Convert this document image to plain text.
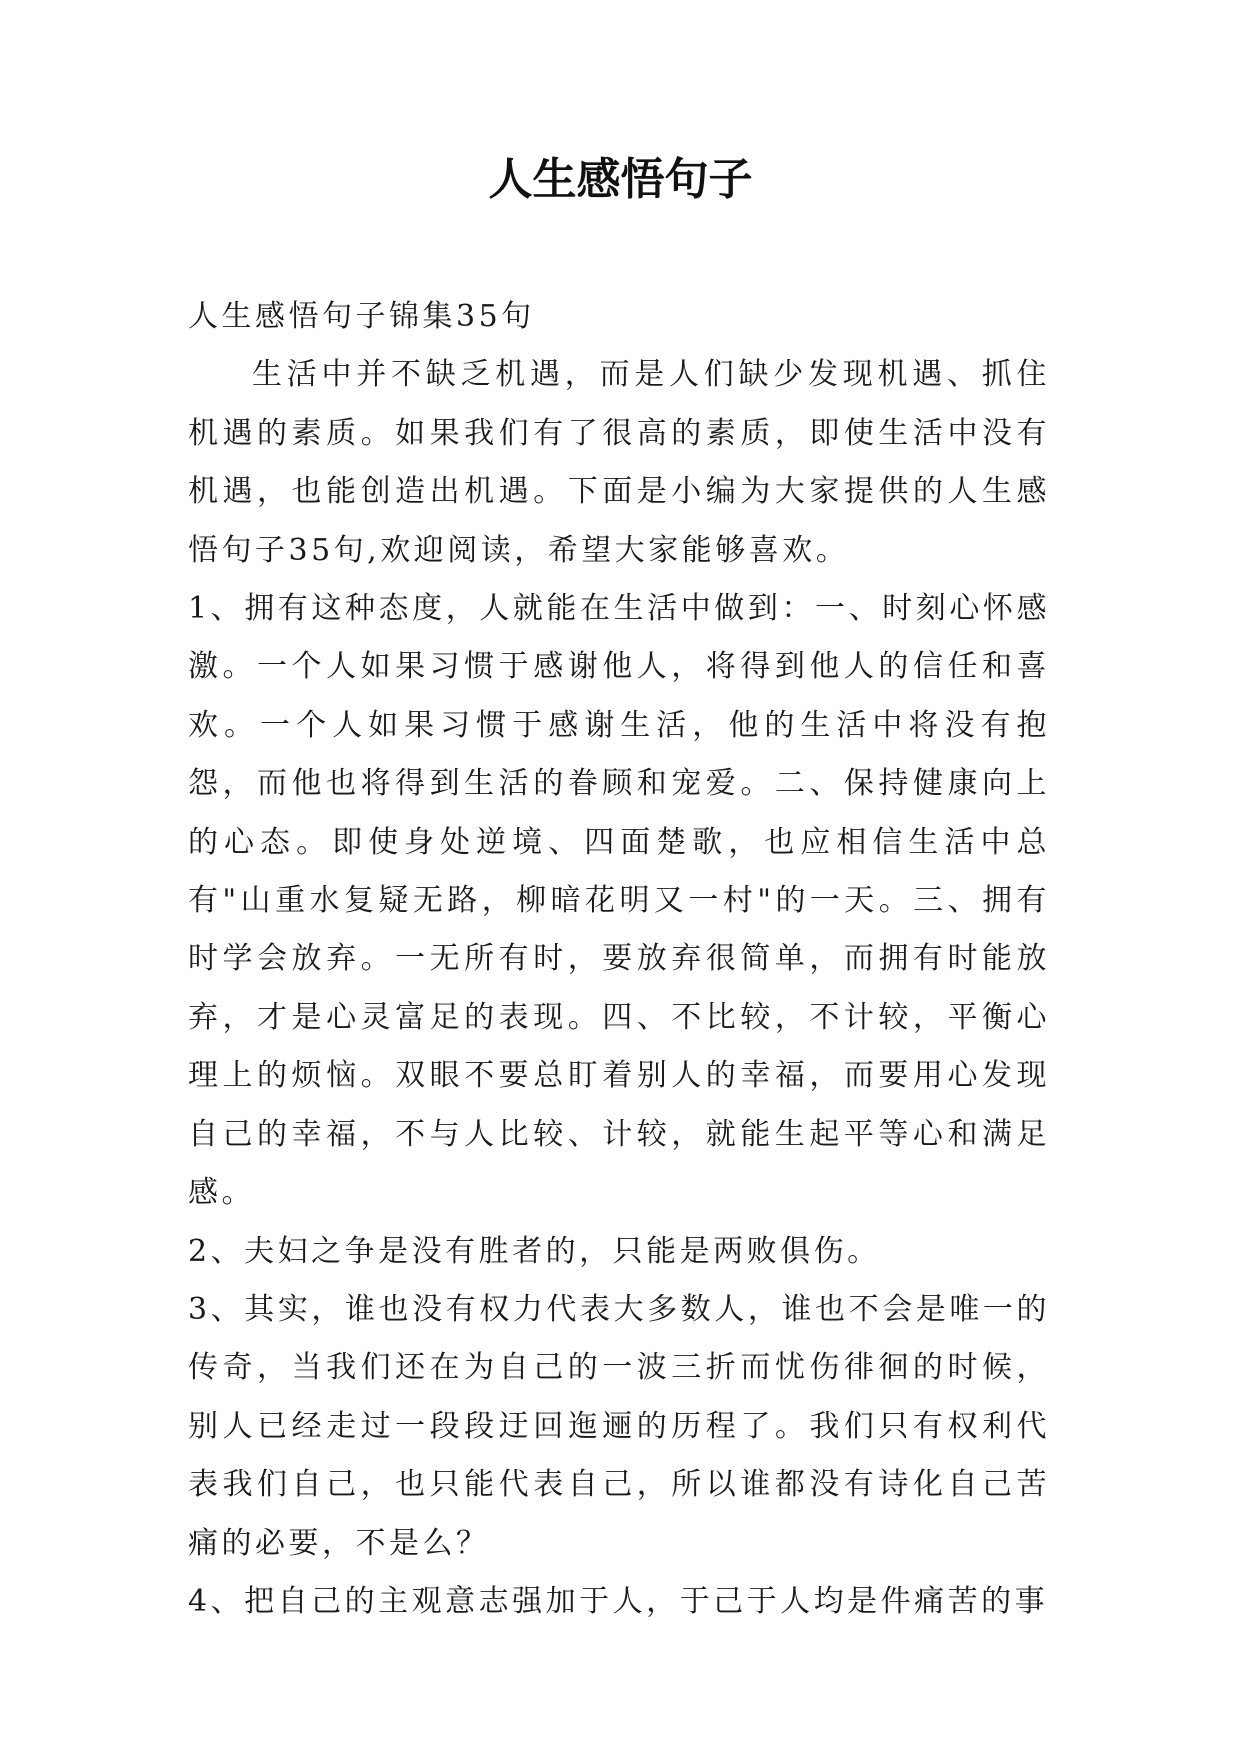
人生感悟句子

人生感悟句子锦集35句

生活中并不缺乏机遇，而是人们缺少发现机遇、抓住机遇的素质。如果我们有了很高的素质，即使生活中没有机遇，也能创造出机遇。下面是小编为大家提供的人生感悟句子35句,欢迎阅读，希望大家能够喜欢。

1、拥有这种态度，人就能在生活中做到：一、时刻心怀感激。一个人如果习惯于感谢他人，将得到他人的信任和喜欢。一个人如果习惯于感谢生活，他的生活中将没有抱怨，而他也将得到生活的眷顾和宠爱。二、保持健康向上的心态。即使身处逆境、四面楚歌，也应相信生活中总有"山重水复疑无路，柳暗花明又一村"的一天。三、拥有时学会放弃。一无所有时，要放弃很简单，而拥有时能放弃，才是心灵富足的表现。四、不比较，不计较，平衡心理上的烦恼。双眼不要总盯着别人的幸福，而要用心发现自己的幸福，不与人比较、计较，就能生起平等心和满足感。

2、夫妇之争是没有胜者的，只能是两败俱伤。

3、其实，谁也没有权力代表大多数人，谁也不会是唯一的传奇，当我们还在为自己的一波三折而忧伤徘徊的时候，别人已经走过一段段迂回迤逦的历程了。我们只有权利代表我们自己，也只能代表自己，所以谁都没有诗化自己苦痛的必要，不是么？

4、把自己的主观意志强加于人，于己于人均是件痛苦的事
